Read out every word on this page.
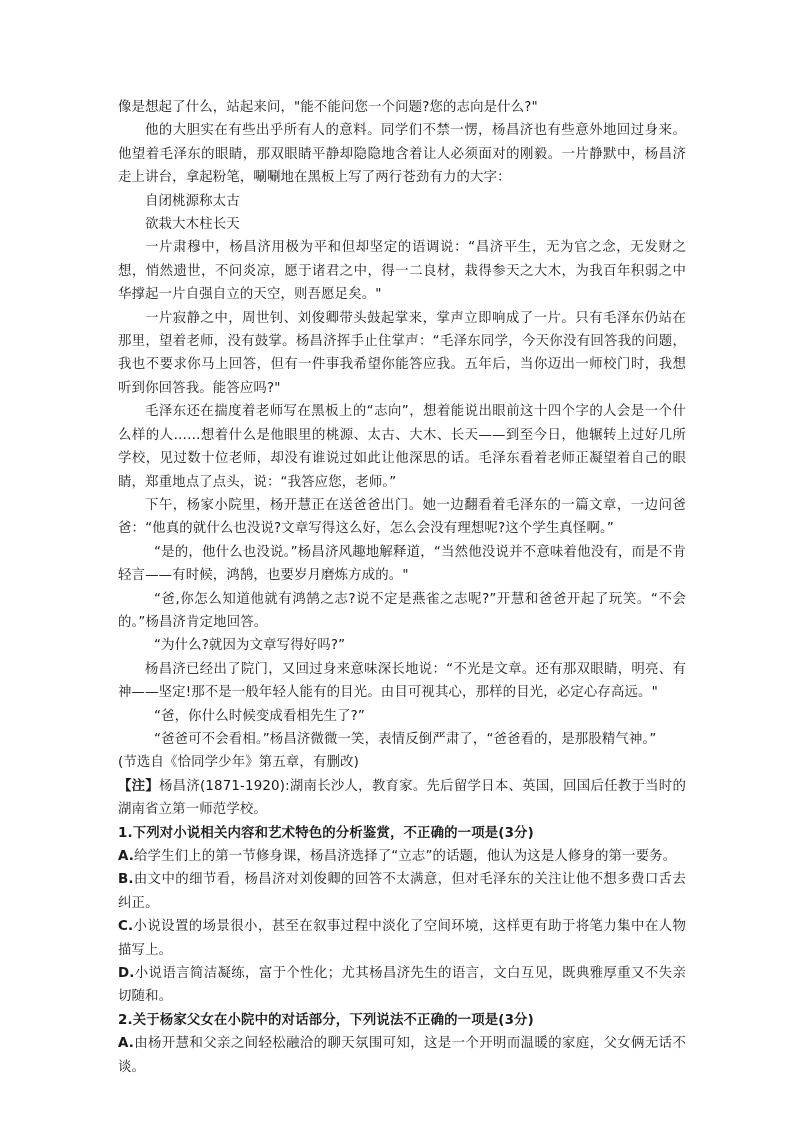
像是想起了什么，站起来问，"能不能问您一个问题?您的志向是什么?"

他的大胆实在有些出乎所有人的意料。同学们不禁一愣，杨昌济也有些意外地回过身来。他望着毛泽东的眼睛，那双眼睛平静却隐隐地含着让人必须面对的刚毅。一片静默中，杨昌济走上讲台，拿起粉笔，唰唰地在黑板上写了两行苍劲有力的大字：

自闭桃源称太古

欲栽大木柱长天

一片肃穆中，杨昌济用极为平和但却坚定的语调说：“昌济平生，无为官之念，无发财之想，悄然遗世，不问炎凉，愿于诸君之中，得一二良材，栽得参天之大木，为我百年积弱之中华撑起一片自强自立的天空，则吾愿足矣。"

一片寂静之中，周世钊、刘俊卿带头鼓起掌来，掌声立即响成了一片。只有毛泽东仍站在那里，望着老师，没有鼓掌。杨昌济挥手止住掌声：“毛泽东同学，今天你没有回答我的问题，我也不要求你马上回答，但有一件事我希望你能答应我。五年后，当你迈出一师校门时，我想听到你回答我。能答应吗?"

毛泽东还在揣度着老师写在黑板上的“志向”，想着能说出眼前这十四个字的人会是一个什么样的人……想着什么是他眼里的桃源、太古、大木、长天——到至今日，他辗转上过好几所学校，见过数十位老师，却没有谁说过如此让他深思的话。毛泽东看着老师正凝望着自己的眼睛，郑重地点了点头，说：“我答应您，老师。”

下午，杨家小院里，杨开慧正在送爸爸出门。她一边翻看着毛泽东的一篇文章，一边问爸爸：“他真的就什么也没说?文章写得这么好，怎么会没有理想呢?这个学生真怪啊。”

“是的，他什么也没说。”杨昌济风趣地解释道，“当然他没说并不意味着他没有，而是不肯轻言——有时候，鸿鹄，也要岁月磨炼方成的。"

“爸,你怎么知道他就有鸿鹄之志?说不定是燕雀之志呢?”开慧和爸爸开起了玩笑。“不会的。”杨昌济肯定地回答。

“为什么?就因为文章写得好吗?”

杨昌济已经出了院门，又回过身来意味深长地说：“不光是文章。还有那双眼睛，明亮、有神——坚定!那不是一般年轻人能有的目光。由目可视其心，那样的目光，必定心存高远。"

“爸，你什么时候变成看相先生了?”

“爸爸可不会看相。”杨昌济微微一笑，表情反倒严肃了，“爸爸看的，是那股精气神。”

(节选自《恰同学少年》第五章，有删改)

【注】杨昌济(1871-1920):湖南长沙人，教育家。先后留学日本、英国，回国后任教于当时的湖南省立第一师范学校。

1.下列对小说相关内容和艺术特色的分析鉴赏，不正确的一项是(3分)

A.给学生们上的第一节修身课，杨昌济选择了“立志”的话题，他认为这是人修身的第一要务。

B.由文中的细节看，杨昌济对刘俊卿的回答不太满意，但对毛泽东的关注让他不想多费口舌去纠正。

C.小说设置的场景很小，甚至在叙事过程中淡化了空间环境，这样更有助于将笔力集中在人物描写上。

D.小说语言简洁凝练，富于个性化；尤其杨昌济先生的语言，文白互见，既典雅厚重又不失亲切随和。

2.关于杨家父女在小院中的对话部分，下列说法不正确的一项是(3分)

A.由杨开慧和父亲之间轻松融洽的聊天氛围可知，这是一个开明而温暖的家庭，父女俩无话不谈。
